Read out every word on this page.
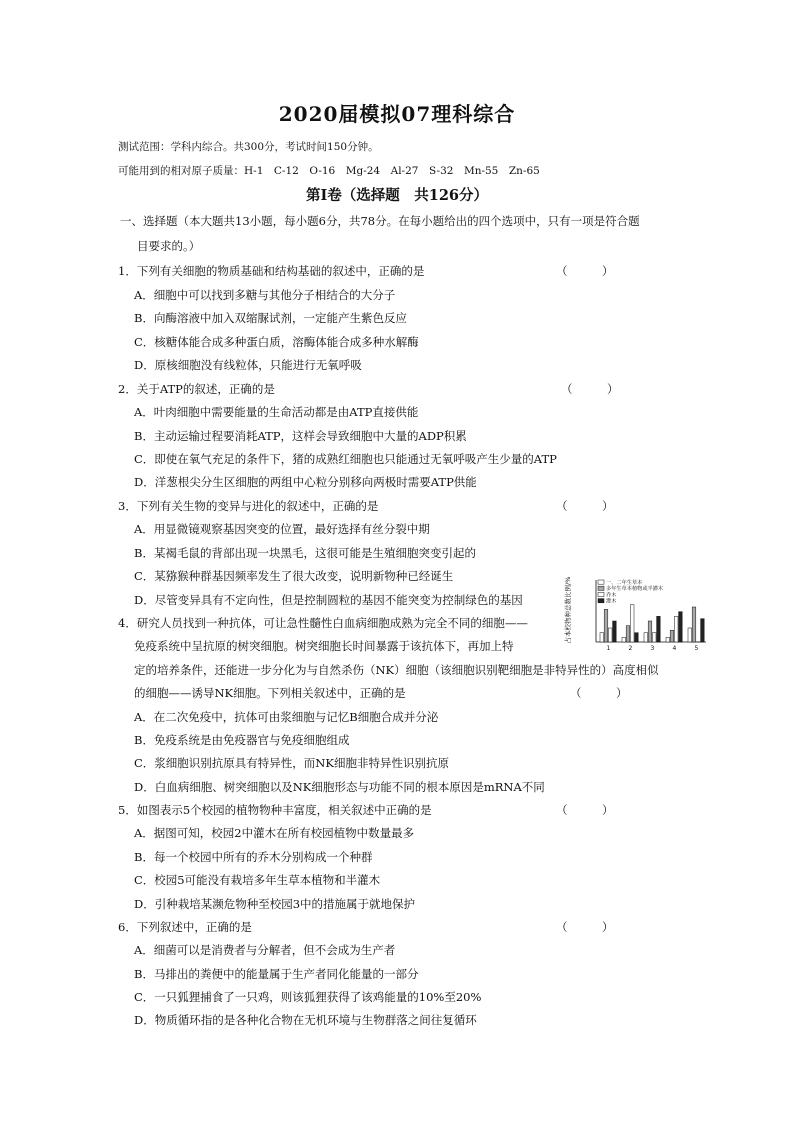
2020届模拟07理科综合
测试范围：学科内综合。共300分，考试时间150分钟。
可能用到的相对原子质量：H-1　C-12　O-16　Mg-24　Al-27　S-32　Mn-55　Zn-65
第Ⅰ卷（选择题　共126分）
一、选择题（本大题共13小题，每小题6分，共78分。在每小题给出的四个选项中，只有一项是符合题
目要求的。）
1．下列有关细胞的物质基础和结构基础的叙述中，正确的是	（　　　）
A．细胞中可以找到多糖与其他分子相结合的大分子
B．向酶溶液中加入双缩脲试剂，一定能产生紫色反应
C．核糖体能合成多种蛋白质，溶酶体能合成多种水解酶
D．原核细胞没有线粒体，只能进行无氧呼吸
2．关于ATP的叙述，正确的是	（　　　）
A．叶肉细胞中需要能量的生命活动都是由ATP直接供能
B．主动运输过程要消耗ATP，这样会导致细胞中大量的ADP积累
C．即使在氧气充足的条件下，猪的成熟红细胞也只能通过无氧呼吸产生少量的ATP
D．洋葱根尖分生区细胞的两组中心粒分别移向两极时需要ATP供能
3．下列有关生物的变异与进化的叙述中，正确的是	（　　　）
A．用显微镜观察基因突变的位置，最好选择有丝分裂中期
B．某褐毛鼠的背部出现一块黑毛，这很可能是生殖细胞突变引起的
C．某猕猴种群基因频率发生了很大改变，说明新物种已经诞生
D．尽管变异具有不定向性，但是控制圆粒的基因不能突变为控制绿色的基因
4．研究人员找到一种抗体，可让急性髓性白血病细胞成熟为完全不同的细胞——
免疫系统中呈抗原的树突细胞。树突细胞长时间暴露于该抗体下，再加上特
定的培养条件，还能进一步分化为与自然杀伤（NK）细胞（该细胞识别靶细胞是非特异性的）高度相似
的细胞——诱导NK细胞。下列相关叙述中，正确的是	（　　　）
A．在二次免疫中，抗体可由浆细胞与记忆B细胞合成并分泌
B．免疫系统是由免疫器官与免疫细胞组成
C．浆细胞识别抗原具有特异性，而NK细胞非特异性识别抗原
D．白血病细胞、树突细胞以及NK细胞形态与功能不同的根本原因是mRNA不同
5．如图表示5个校园的植物物种丰富度，相关叙述中正确的是	（　　　）
A．据图可知，校园2中灌木在所有校园植物中数量最多
B．每一个校园中所有的乔木分别构成一个种群
C．校园5可能没有栽培多年生草本植物和半灌木
D．引种栽培某濒危物种至校园3中的措施属于就地保护
6．下列叙述中，正确的是	（　　　）
A．细菌可以是消费者与分解者，但不会成为生产者
B．马排出的粪便中的能量属于生产者同化能量的一部分
C．一只狐狸捕食了一只鸡，则该狐狸获得了该鸡能量的10%至20%
D．物质循环指的是各种化合物在无机环境与生物群落之间往复循环
占本校物种总数比例/%
1	2	3	4	5
一、二年生草本
多年生草本植物或半灌木
乔木
灌木
